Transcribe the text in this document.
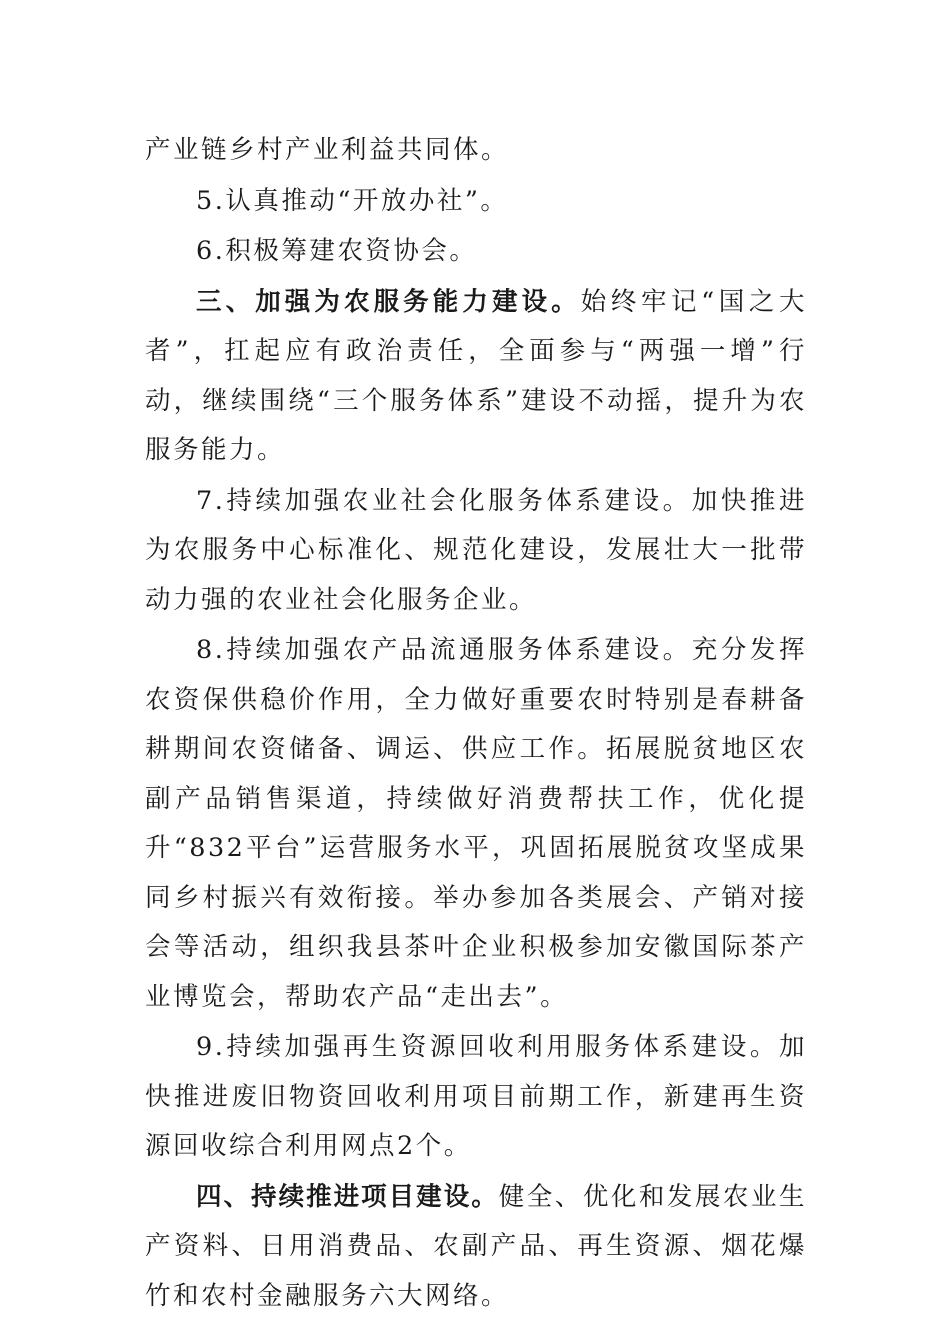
产业链乡村产业利益共同体。

5.认真推动“开放办社”。

6.积极筹建农资协会。

三、加强为农服务能力建设。始终牢记“国之大者”，扛起应有政治责任，全面参与“两强一增”行动，继续围绕“三个服务体系”建设不动摇，提升为农服务能力。

7.持续加强农业社会化服务体系建设。加快推进为农服务中心标准化、规范化建设，发展壮大一批带动力强的农业社会化服务企业。

8.持续加强农产品流通服务体系建设。充分发挥农资保供稳价作用，全力做好重要农时特别是春耕备耕期间农资储备、调运、供应工作。拓展脱贫地区农副产品销售渠道，持续做好消费帮扶工作，优化提升“832平台”运营服务水平，巩固拓展脱贫攻坚成果同乡村振兴有效衔接。举办参加各类展会、产销对接会等活动，组织我县茶叶企业积极参加安徽国际茶产业博览会，帮助农产品“走出去”。

9.持续加强再生资源回收利用服务体系建设。加快推进废旧物资回收利用项目前期工作，新建再生资源回收综合利用网点2个。

四、持续推进项目建设。健全、优化和发展农业生产资料、日用消费品、农副产品、再生资源、烟花爆竹和农村金融服务六大网络。
